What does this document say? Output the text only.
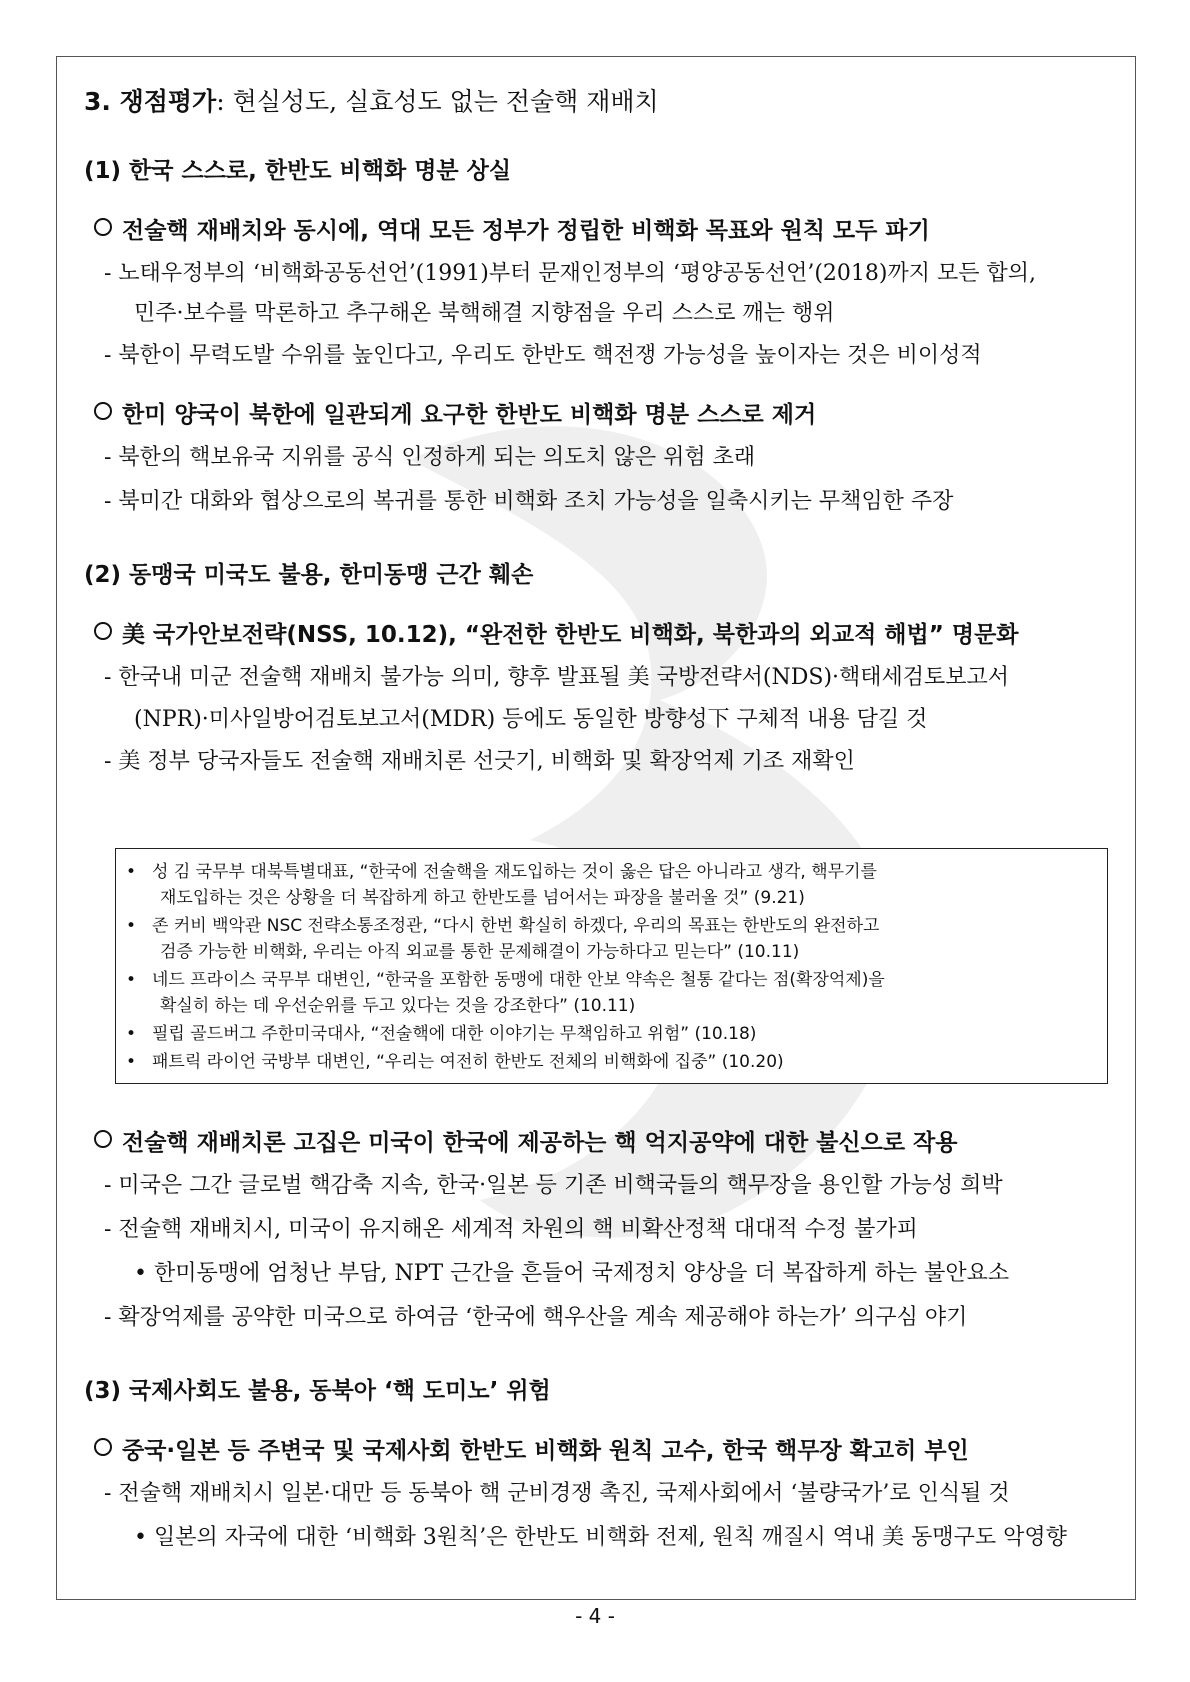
3. 쟁점평가: 현실성도, 실효성도 없는 전술핵 재배치
(1) 한국 스스로, 한반도 비핵화 명분 상실
전술핵 재배치와 동시에, 역대 모든 정부가 정립한 비핵화 목표와 원칙 모두 파기
- 노태우정부의 ‘비핵화공동선언’(1991)부터 문재인정부의 ‘평양공동선언’(2018)까지 모든 합의,
민주·보수를 막론하고 추구해온 북핵해결 지향점을 우리 스스로 깨는 행위
- 북한이 무력도발 수위를 높인다고, 우리도 한반도 핵전쟁 가능성을 높이자는 것은 비이성적
한미 양국이 북한에 일관되게 요구한 한반도 비핵화 명분 스스로 제거
- 북한의 핵보유국 지위를 공식 인정하게 되는 의도치 않은 위험 초래
- 북미간 대화와 협상으로의 복귀를 통한 비핵화 조치 가능성을 일축시키는 무책임한 주장
(2) 동맹국 미국도 불용, 한미동맹 근간 훼손
美 국가안보전략(NSS, 10.12), “완전한 한반도 비핵화, 북한과의 외교적 해법” 명문화
- 한국내 미군 전술핵 재배치 불가능 의미, 향후 발표될 美 국방전략서(NDS)·핵태세검토보고서
(NPR)·미사일방어검토보고서(MDR) 등에도 동일한 방향성下 구체적 내용 담길 것
- 美 정부 당국자들도 전술핵 재배치론 선긋기, 비핵화 및 확장억제 기조 재확인
• 성 김 국무부 대북특별대표, “한국에 전술핵을 재도입하는 것이 옳은 답은 아니라고 생각, 핵무기를
재도입하는 것은 상황을 더 복잡하게 하고 한반도를 넘어서는 파장을 불러올 것” (9.21)
• 존 커비 백악관 NSC 전략소통조정관, “다시 한번 확실히 하겠다, 우리의 목표는 한반도의 완전하고
검증 가능한 비핵화, 우리는 아직 외교를 통한 문제해결이 가능하다고 믿는다” (10.11)
• 네드 프라이스 국무부 대변인, “한국을 포함한 동맹에 대한 안보 약속은 철통 같다는 점(확장억제)을
확실히 하는 데 우선순위를 두고 있다는 것을 강조한다” (10.11)
• 필립 골드버그 주한미국대사, “전술핵에 대한 이야기는 무책임하고 위험” (10.18)
• 패트릭 라이언 국방부 대변인, “우리는 여전히 한반도 전체의 비핵화에 집중” (10.20)
전술핵 재배치론 고집은 미국이 한국에 제공하는 핵 억지공약에 대한 불신으로 작용
- 미국은 그간 글로벌 핵감축 지속, 한국·일본 등 기존 비핵국들의 핵무장을 용인할 가능성 희박
- 전술핵 재배치시, 미국이 유지해온 세계적 차원의 핵 비확산정책 대대적 수정 불가피
• 한미동맹에 엄청난 부담, NPT 근간을 흔들어 국제정치 양상을 더 복잡하게 하는 불안요소
- 확장억제를 공약한 미국으로 하여금 ‘한국에 핵우산을 계속 제공해야 하는가’ 의구심 야기
(3) 국제사회도 불용, 동북아 ‘핵 도미노’ 위험
중국·일본 등 주변국 및 국제사회 한반도 비핵화 원칙 고수, 한국 핵무장 확고히 부인
- 전술핵 재배치시 일본·대만 등 동북아 핵 군비경쟁 촉진, 국제사회에서 ‘불량국가’로 인식될 것
• 일본의 자국에 대한 ‘비핵화 3원칙’은 한반도 비핵화 전제, 원칙 깨질시 역내 美 동맹구도 악영향
- 4 -
